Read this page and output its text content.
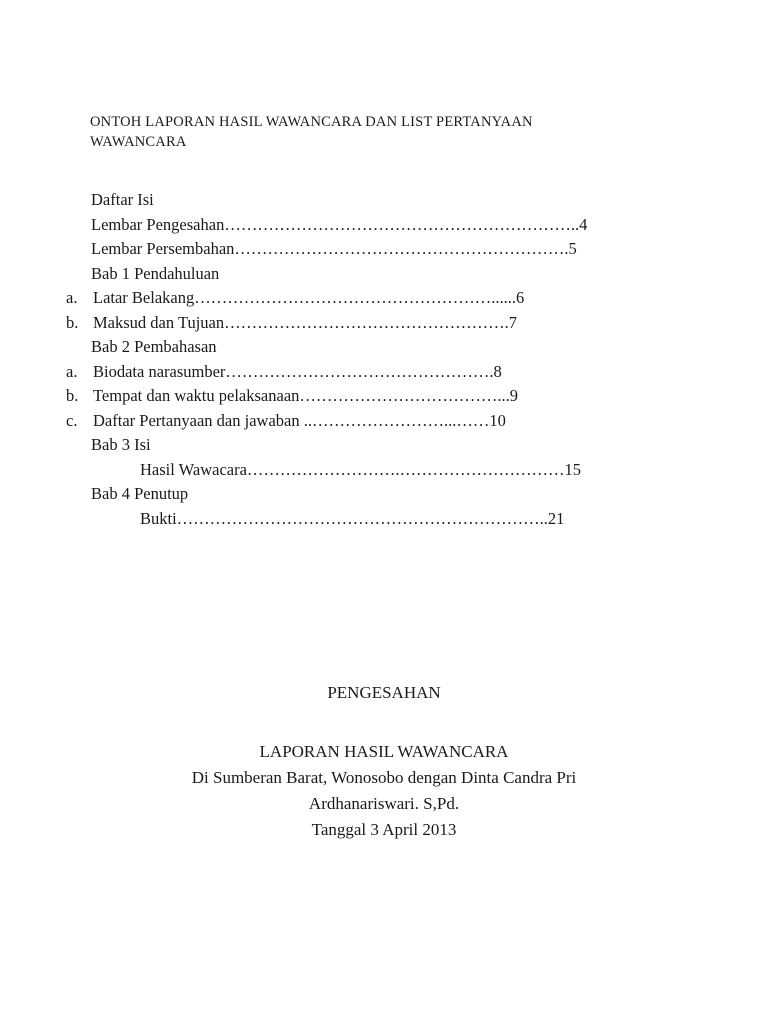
ONTOH LAPORAN HASIL WAWANCARA DAN LIST PERTANYAAN
WAWANCARA
Daftar Isi
Lembar Pengesahan………………………………………………………..4
Lembar Persembahan…………………………………………………….5
Bab 1 Pendahuluan
a. Latar Belakang………………………………………………......6
b. Maksud dan Tujuan…………………………………………….7
Bab 2 Pembahasan
a. Biodata narasumber………………………………………….8
b. Tempat dan waktu pelaksanaan………………………………...9
c. Daftar Pertanyaan dan jawaban ..……………………...……10
Bab 3 Isi
Hasil Wawacara……………………….…………………………15
Bab 4 Penutup
Bukti…………………………………………………………..21
PENGESAHAN
LAPORAN HASIL WAWANCARA
Di Sumberan Barat, Wonosobo dengan Dinta Candra Pri
Ardhanariswari. S,Pd.
Tanggal 3 April 2013
